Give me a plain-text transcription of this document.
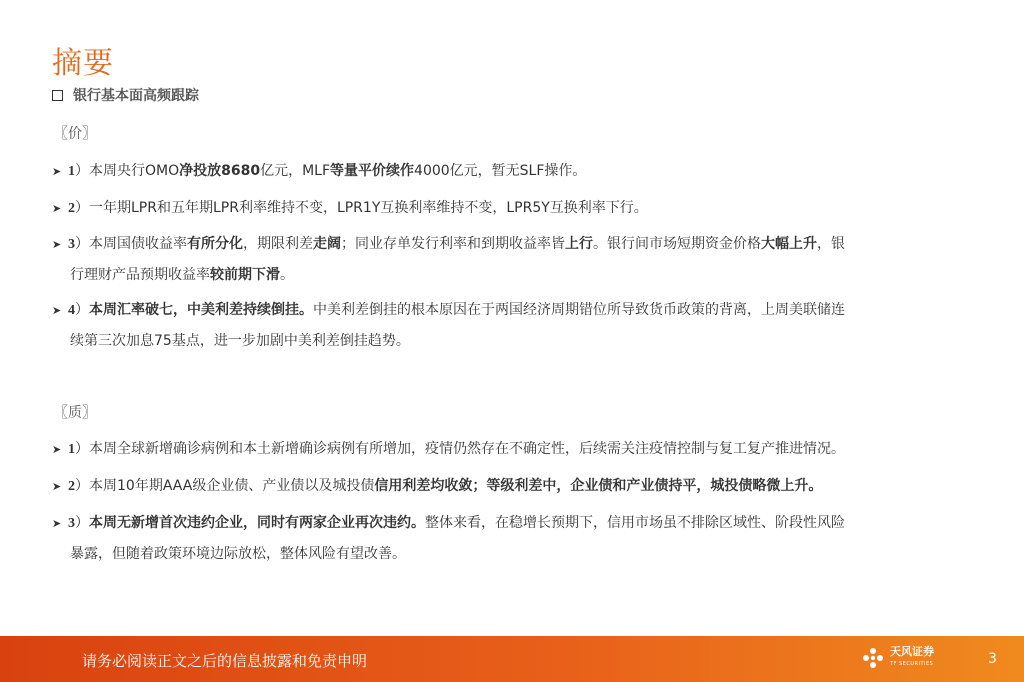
摘要
银行基本面高频跟踪
〖价〗
➤ 1）本周央行OMO净投放8680亿元，MLF等量平价续作4000亿元，暂无SLF操作。
➤ 2）一年期LPR和五年期LPR利率维持不变，LPR1Y互换利率维持不变，LPR5Y互换利率下行。
➤ 3）本周国债收益率有所分化，期限利差走阔；同业存单发行利率和到期收益率皆上行。银行间市场短期资金价格大幅上升，银
行理财产品预期收益率较前期下滑。
➤ 4）本周汇率破七，中美利差持续倒挂。中美利差倒挂的根本原因在于两国经济周期错位所导致货币政策的背离，上周美联储连
续第三次加息75基点，进一步加剧中美利差倒挂趋势。
〖质〗
➤ 1）本周全球新增确诊病例和本土新增确诊病例有所增加，疫情仍然存在不确定性，后续需关注疫情控制与复工复产推进情况。
➤ 2）本周10年期AAA级企业债、产业债以及城投债信用利差均收敛；等级利差中，企业债和产业债持平，城投债略微上升。
➤ 3）本周无新增首次违约企业，同时有两家企业再次违约。整体来看，在稳增长预期下，信用市场虽不排除区域性、阶段性风险
暴露，但随着政策环境边际放松，整体风险有望改善。
请务必阅读正文之后的信息披露和免责申明
天风证券
TF SECURITIES	3
